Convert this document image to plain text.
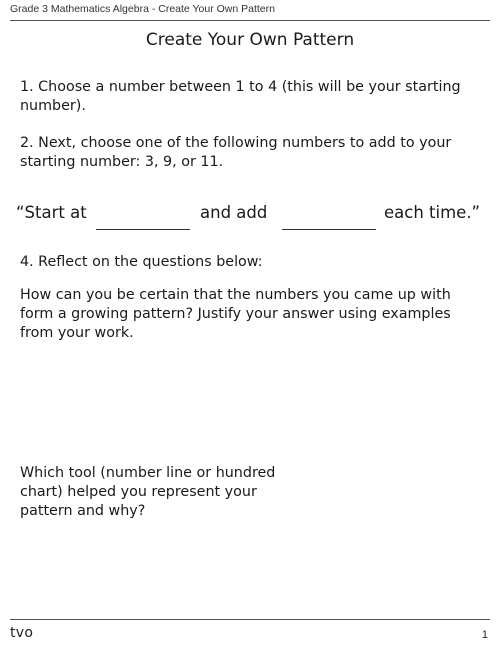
Grade 3 Mathematics Algebra - Create Your Own Pattern
Create Your Own Pattern
1. Choose a number between 1 to 4 (this will be your starting number).
2. Next, choose one of the following numbers to add to your starting number: 3, 9, or 11.
“Start at	and add	each time.”
4. Reflect on the questions below:
How can you be certain that the numbers you came up with form a growing pattern? Justify your answer using examples from your work.
Which tool (number line or hundred chart) helped you represent your pattern and why?
tvo	1
